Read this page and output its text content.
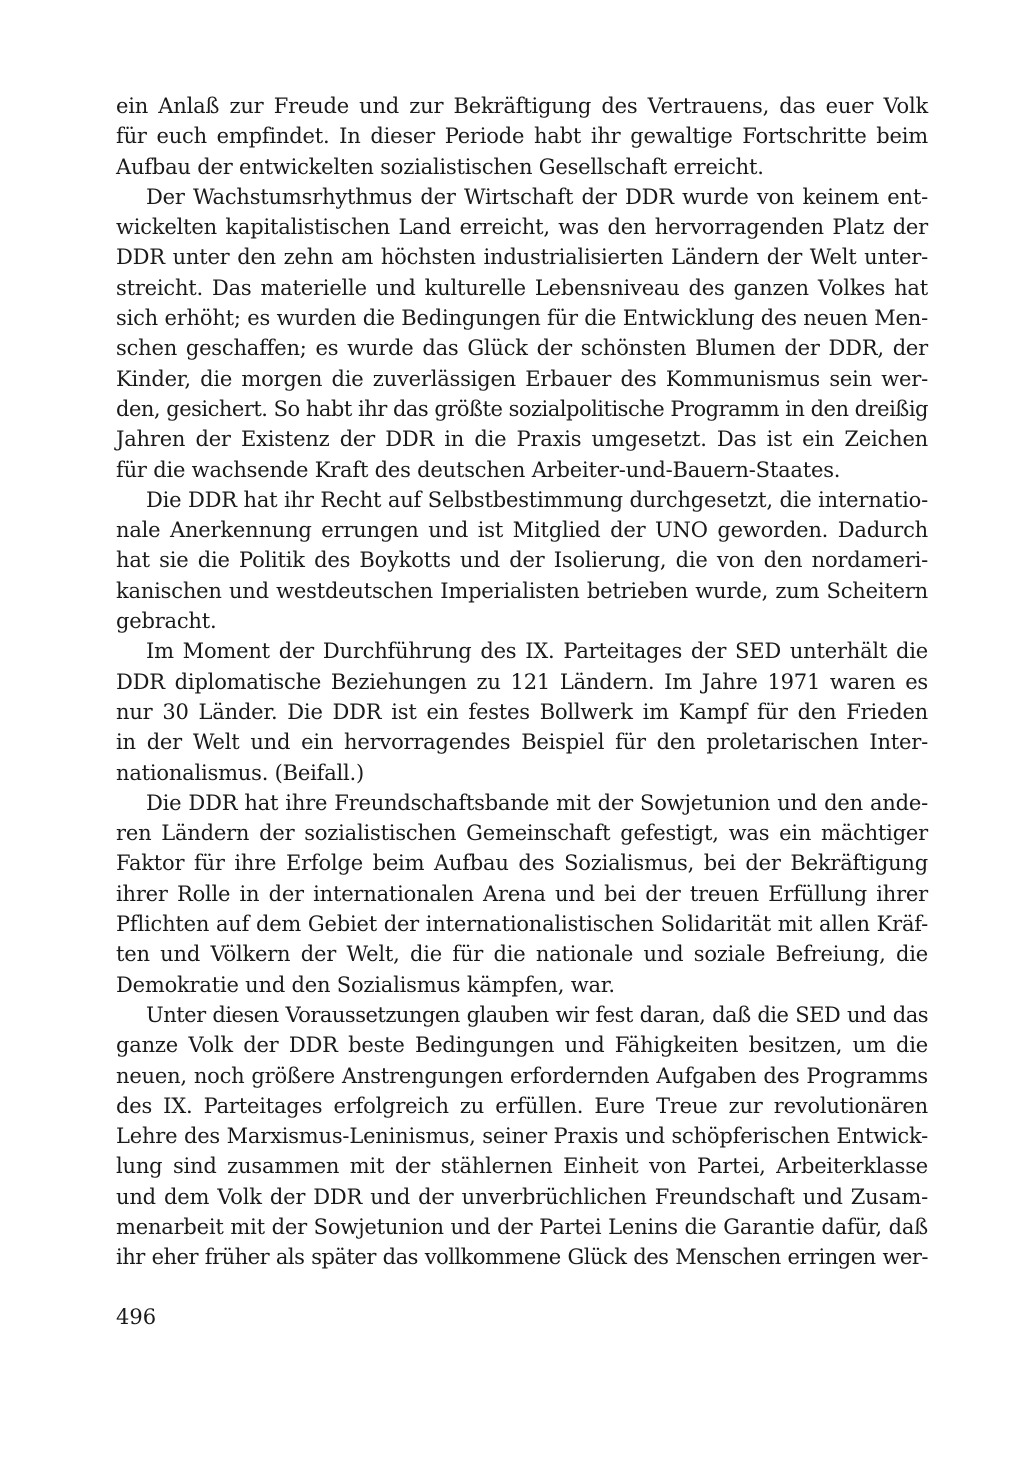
ein Anlaß zur Freude und zur Bekräftigung des Vertrauens, das euer Volk
für euch empfindet. In dieser Periode habt ihr gewaltige Fortschritte beim
Aufbau der entwickelten sozialistischen Gesellschaft erreicht.
Der Wachstumsrhythmus der Wirtschaft der DDR wurde von keinem ent-
wickelten kapitalistischen Land erreicht, was den hervorragenden Platz der
DDR unter den zehn am höchsten industrialisierten Ländern der Welt unter-
streicht. Das materielle und kulturelle Lebensniveau des ganzen Volkes hat
sich erhöht; es wurden die Bedingungen für die Entwicklung des neuen Men-
schen geschaffen; es wurde das Glück der schönsten Blumen der DDR, der
Kinder, die morgen die zuverlässigen Erbauer des Kommunismus sein wer-
den, gesichert. So habt ihr das größte sozialpolitische Programm in den dreißig
Jahren der Existenz der DDR in die Praxis umgesetzt. Das ist ein Zeichen
für die wachsende Kraft des deutschen Arbeiter-und-Bauern-Staates.
Die DDR hat ihr Recht auf Selbstbestimmung durchgesetzt, die internatio-
nale Anerkennung errungen und ist Mitglied der UNO geworden. Dadurch
hat sie die Politik des Boykotts und der Isolierung, die von den nordameri-
kanischen und westdeutschen Imperialisten betrieben wurde, zum Scheitern
gebracht.
Im Moment der Durchführung des IX. Parteitages der SED unterhält die
DDR diplomatische Beziehungen zu 121 Ländern. Im Jahre 1971 waren es
nur 30 Länder. Die DDR ist ein festes Bollwerk im Kampf für den Frieden
in der Welt und ein hervorragendes Beispiel für den proletarischen Inter-
nationalismus. (Beifall.)
Die DDR hat ihre Freundschaftsbande mit der Sowjetunion und den ande-
ren Ländern der sozialistischen Gemeinschaft gefestigt, was ein mächtiger
Faktor für ihre Erfolge beim Aufbau des Sozialismus, bei der Bekräftigung
ihrer Rolle in der internationalen Arena und bei der treuen Erfüllung ihrer
Pflichten auf dem Gebiet der internationalistischen Solidarität mit allen Kräf-
ten und Völkern der Welt, die für die nationale und soziale Befreiung, die
Demokratie und den Sozialismus kämpfen, war.
Unter diesen Voraussetzungen glauben wir fest daran, daß die SED und das
ganze Volk der DDR beste Bedingungen und Fähigkeiten besitzen, um die
neuen, noch größere Anstrengungen erfordernden Aufgaben des Programms
des IX. Parteitages erfolgreich zu erfüllen. Eure Treue zur revolutionären
Lehre des Marxismus-Leninismus, seiner Praxis und schöpferischen Entwick-
lung sind zusammen mit der stählernen Einheit von Partei, Arbeiterklasse
und dem Volk der DDR und der unverbrüchlichen Freundschaft und Zusam-
menarbeit mit der Sowjetunion und der Partei Lenins die Garantie dafür, daß
ihr eher früher als später das vollkommene Glück des Menschen erringen wer-
496
